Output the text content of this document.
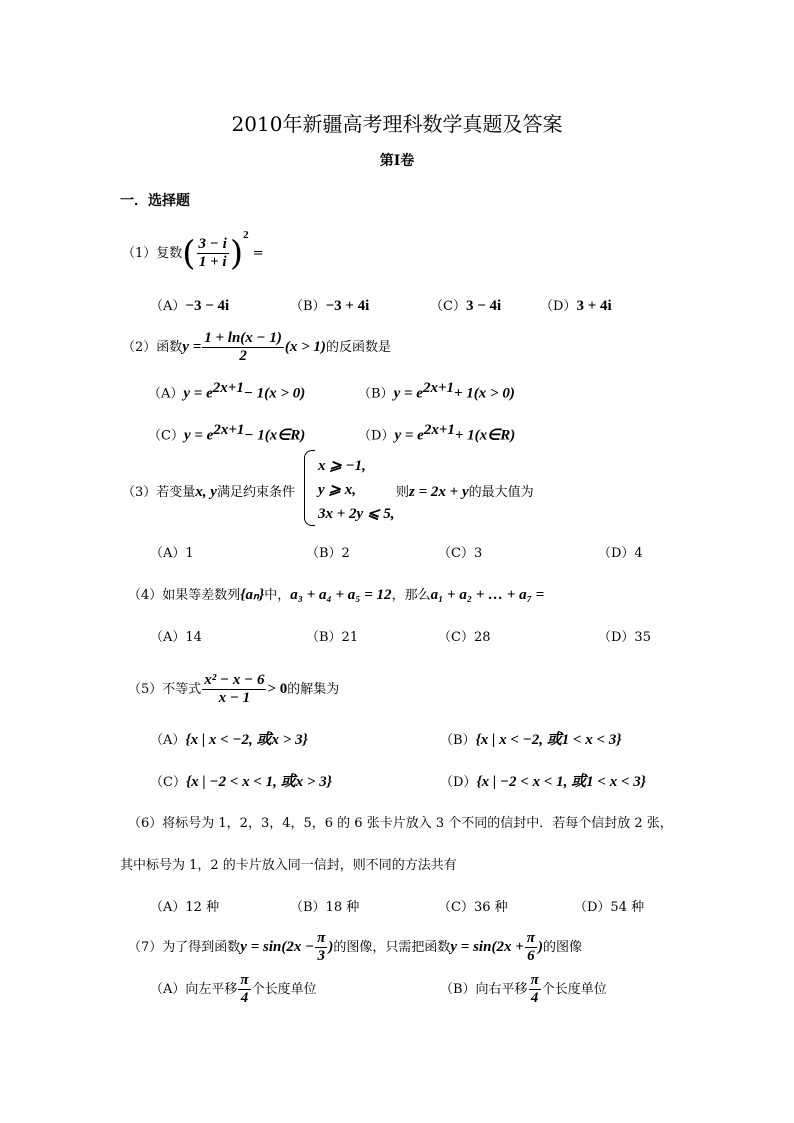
2010年新疆高考理科数学真题及答案
第Ⅰ卷
一．选择题
（1）复数( $\frac{3 - i}{1 + i} )^2$ =
（A）−3 − 4i	（B）−3 + 4i	（C）3 − 4i	（D）3 + 4i
（2）函数$y = \frac{1 + \ln(x - 1)}{2} (x > 1)$的反函数是
$(A)y = e^{2x+1}- 1(x > 0)$	$(B)y = e^{2x+1}+ 1(x > 0)$
$(C)y = e^{2x+1}-$ 1(x∈R)	$(D)y = e^{2x+1}+$ 1(x∈R)
（3）若变量x, y满足约束条件
x ⩾ −1,
y ⩾ x,
3x + 2y ⩽ 5,
则z = 2x + y的最大值为
（A）1	（B）2	（C）3	（D）4
（4）如果等差数列{aₙ}中，a₃ + a₄ + a₅ = 12，那么a₁ + a₂ + … + a₇ =
（A）14	（B）21	（C）28	（D）35
（5）不等式 $\frac{\text{x² − x − 6}}{x - 1} > 0$的解集为
（A）{x | x < −2, 或x > 3}	（B）{x | x < −2, 或1 < x < 3}
（C）{x | −2 < x < 1, 或x > 3}	（D）{x | −2 < x < 1, 或1 < x < 3}
（6）将标号为 1，2，3，4，5，6 的 6 张卡片放入 3 个不同的信封中．若每个信封放 2 张，
其中标号为 1，2 的卡片放入同一信封，则不同的方法共有
（A）12 种	（B）18 种	（C）36 种	（D）54 种
（7）为了得到函数$y = \sin(2x - \frac{\pi}{3}$ )的图像，只需把函数$y = \sin(2x + \frac{\pi}{6}$ )的图像
（A）向左平移 $\frac{\pi}{4}$ 个长度单位	（B）向右平移 $\frac{\pi}{4}$ 个长度单位
